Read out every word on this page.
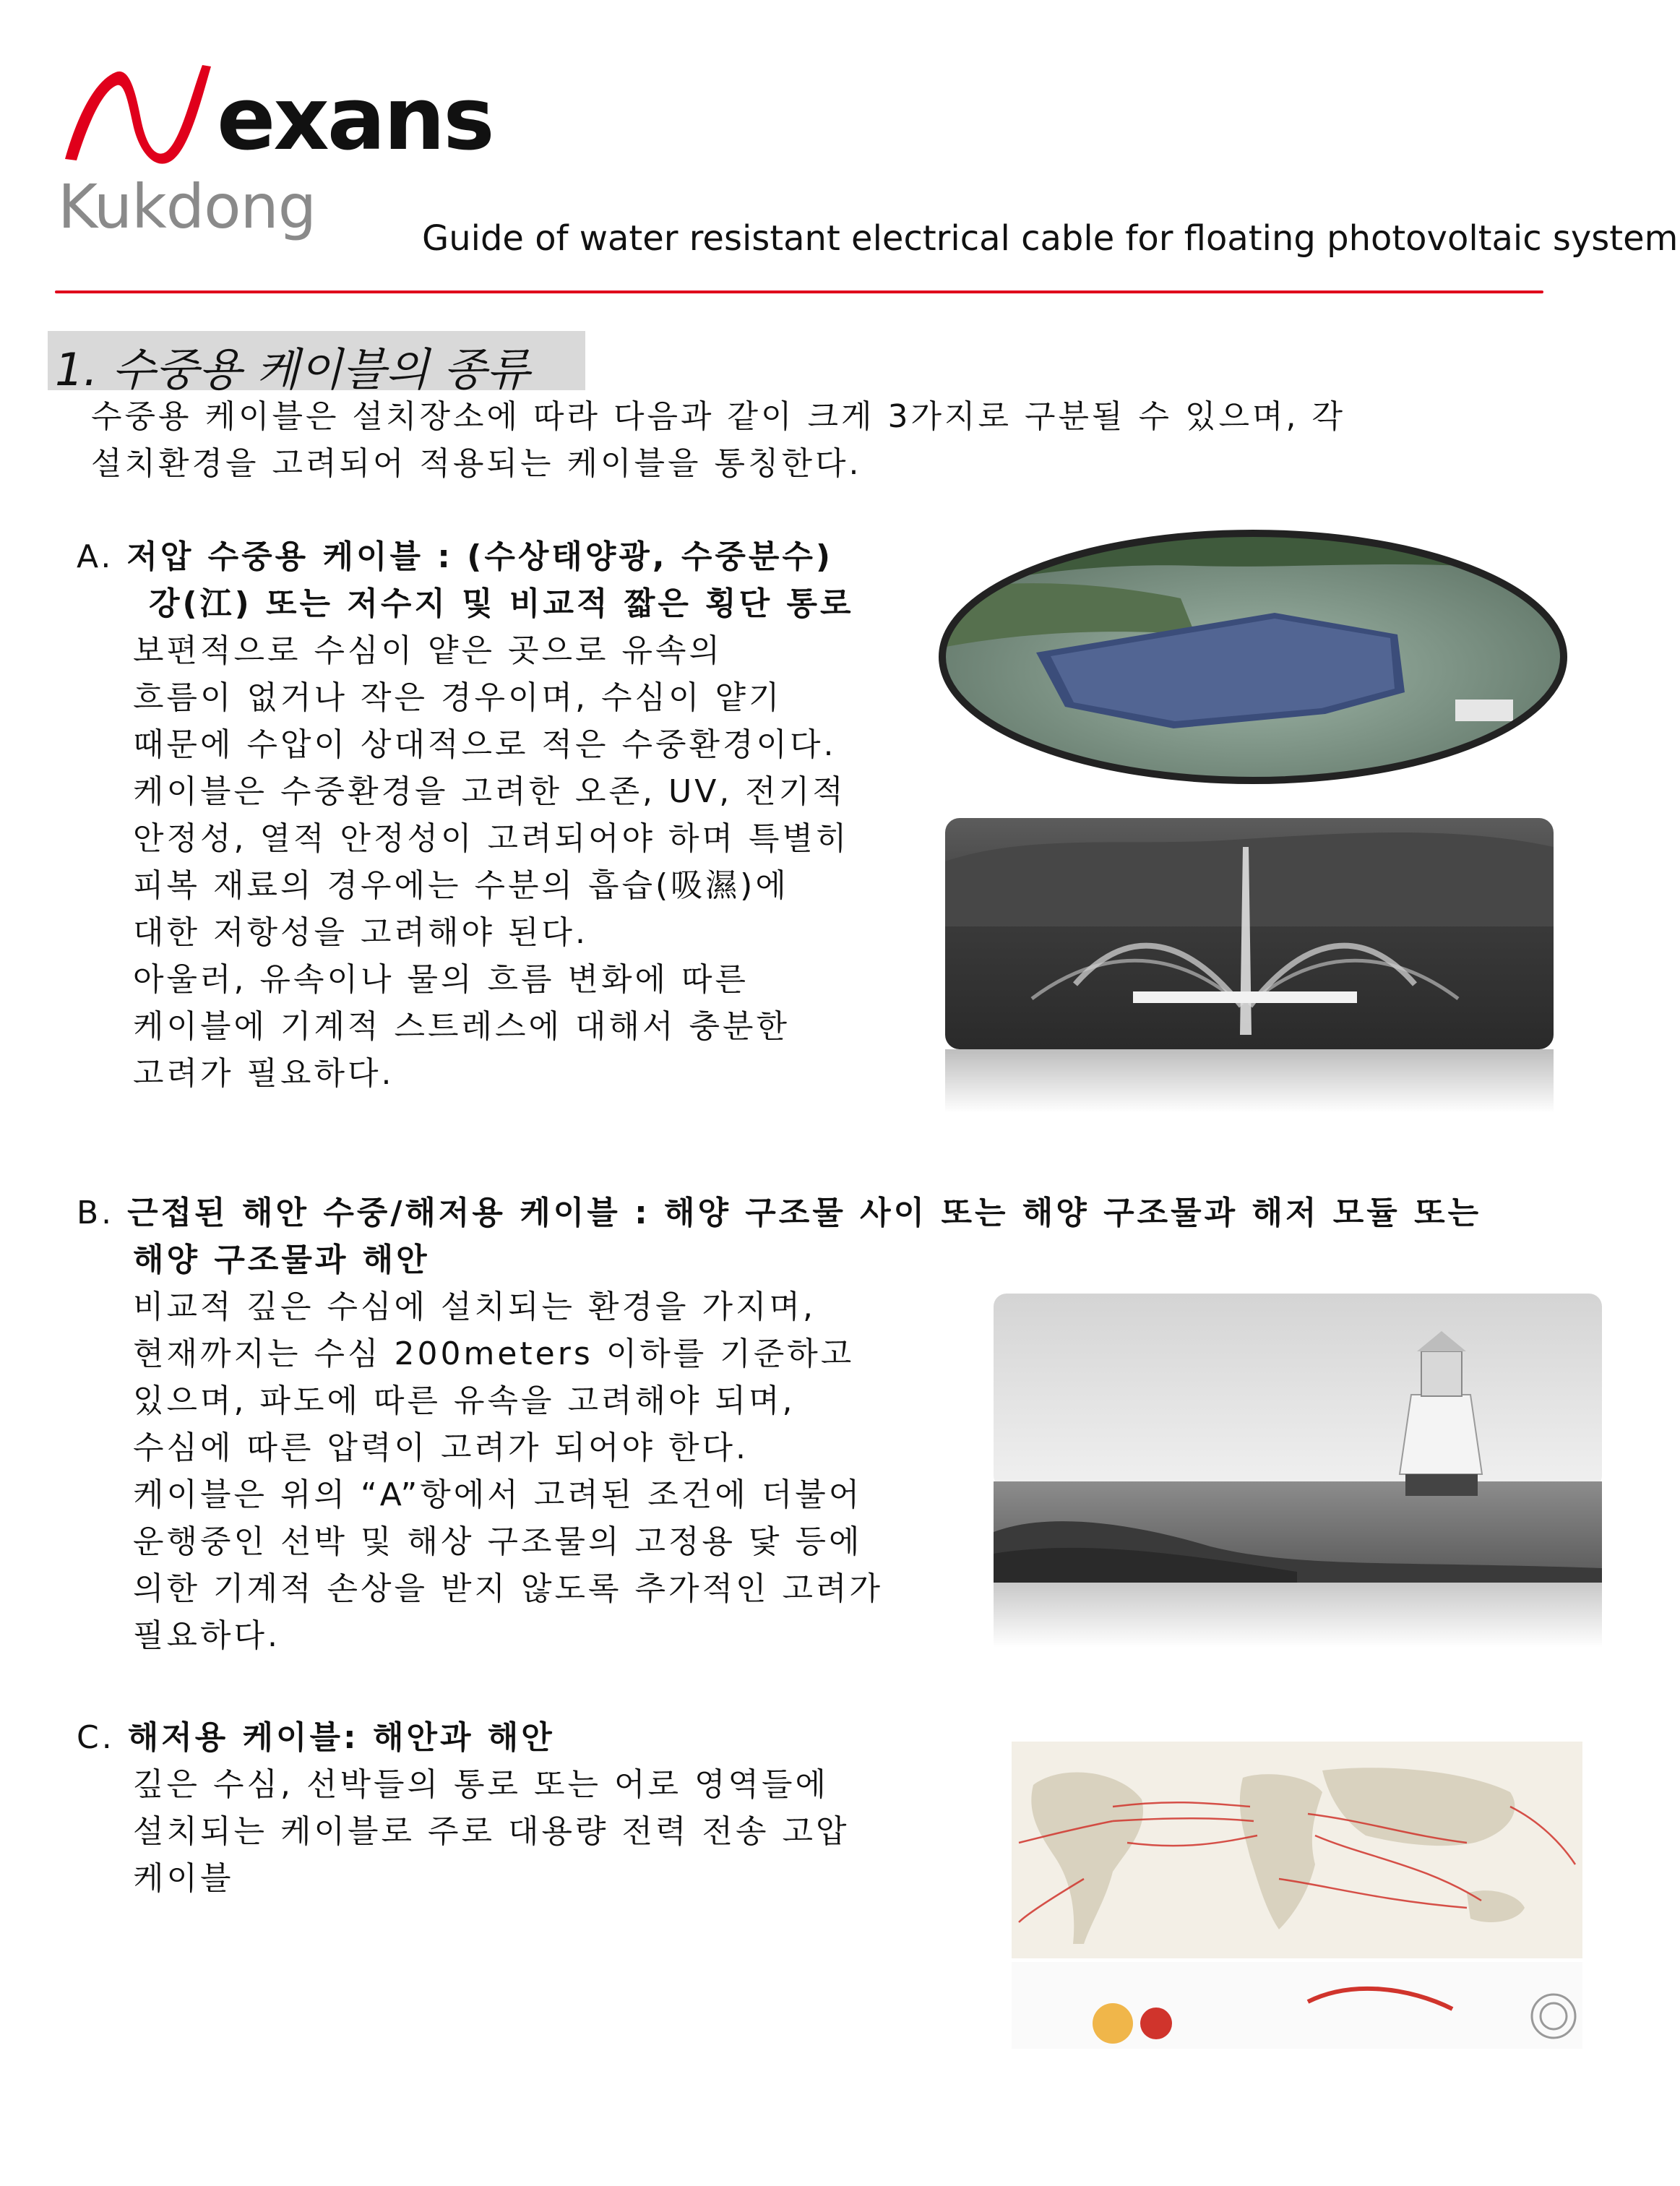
exans
Kukdong	Guide of water resistant electrical cable for floating photovoltaic system
1. 수중용 케이블의 종류
수중용 케이블은 설치장소에 따라 다음과 같이 크게 3가지로 구분될 수 있으며, 각
설치환경을 고려되어 적용되는 케이블을 통칭한다.
A. 저압 수중용 케이블 : (수상태양광, 수중분수)
강(江) 또는 저수지 및 비교적 짧은 횡단 통로
보편적으로 수심이 얕은 곳으로 유속의
흐름이 없거나 작은 경우이며, 수심이 얕기
때문에 수압이 상대적으로 적은 수중환경이다.
케이블은 수중환경을 고려한 오존, UV, 전기적
안정성, 열적 안정성이 고려되어야 하며 특별히
피복 재료의 경우에는 수분의 흡습(吸濕)에
대한 저항성을 고려해야 된다.
아울러, 유속이나 물의 흐름 변화에 따른
케이블에 기계적 스트레스에 대해서 충분한
고려가 필요하다.
B. 근접된 해안 수중/해저용 케이블 : 해양 구조물 사이 또는 해양 구조물과 해저 모듈 또는
해양 구조물과 해안
비교적 깊은 수심에 설치되는 환경을 가지며,
현재까지는 수심 200meters 이하를 기준하고
있으며, 파도에 따른 유속을 고려해야 되며,
수심에 따른 압력이 고려가 되어야 한다.
케이블은 위의 “A”항에서 고려된 조건에 더불어
운행중인 선박 및 해상 구조물의 고정용 닻 등에
의한 기계적 손상을 받지 않도록 추가적인 고려가
필요하다.
C. 해저용 케이블: 해안과 해안
깊은 수심, 선박들의 통로 또는 어로 영역들에
설치되는 케이블로 주로 대용량 전력 전송 고압
케이블
